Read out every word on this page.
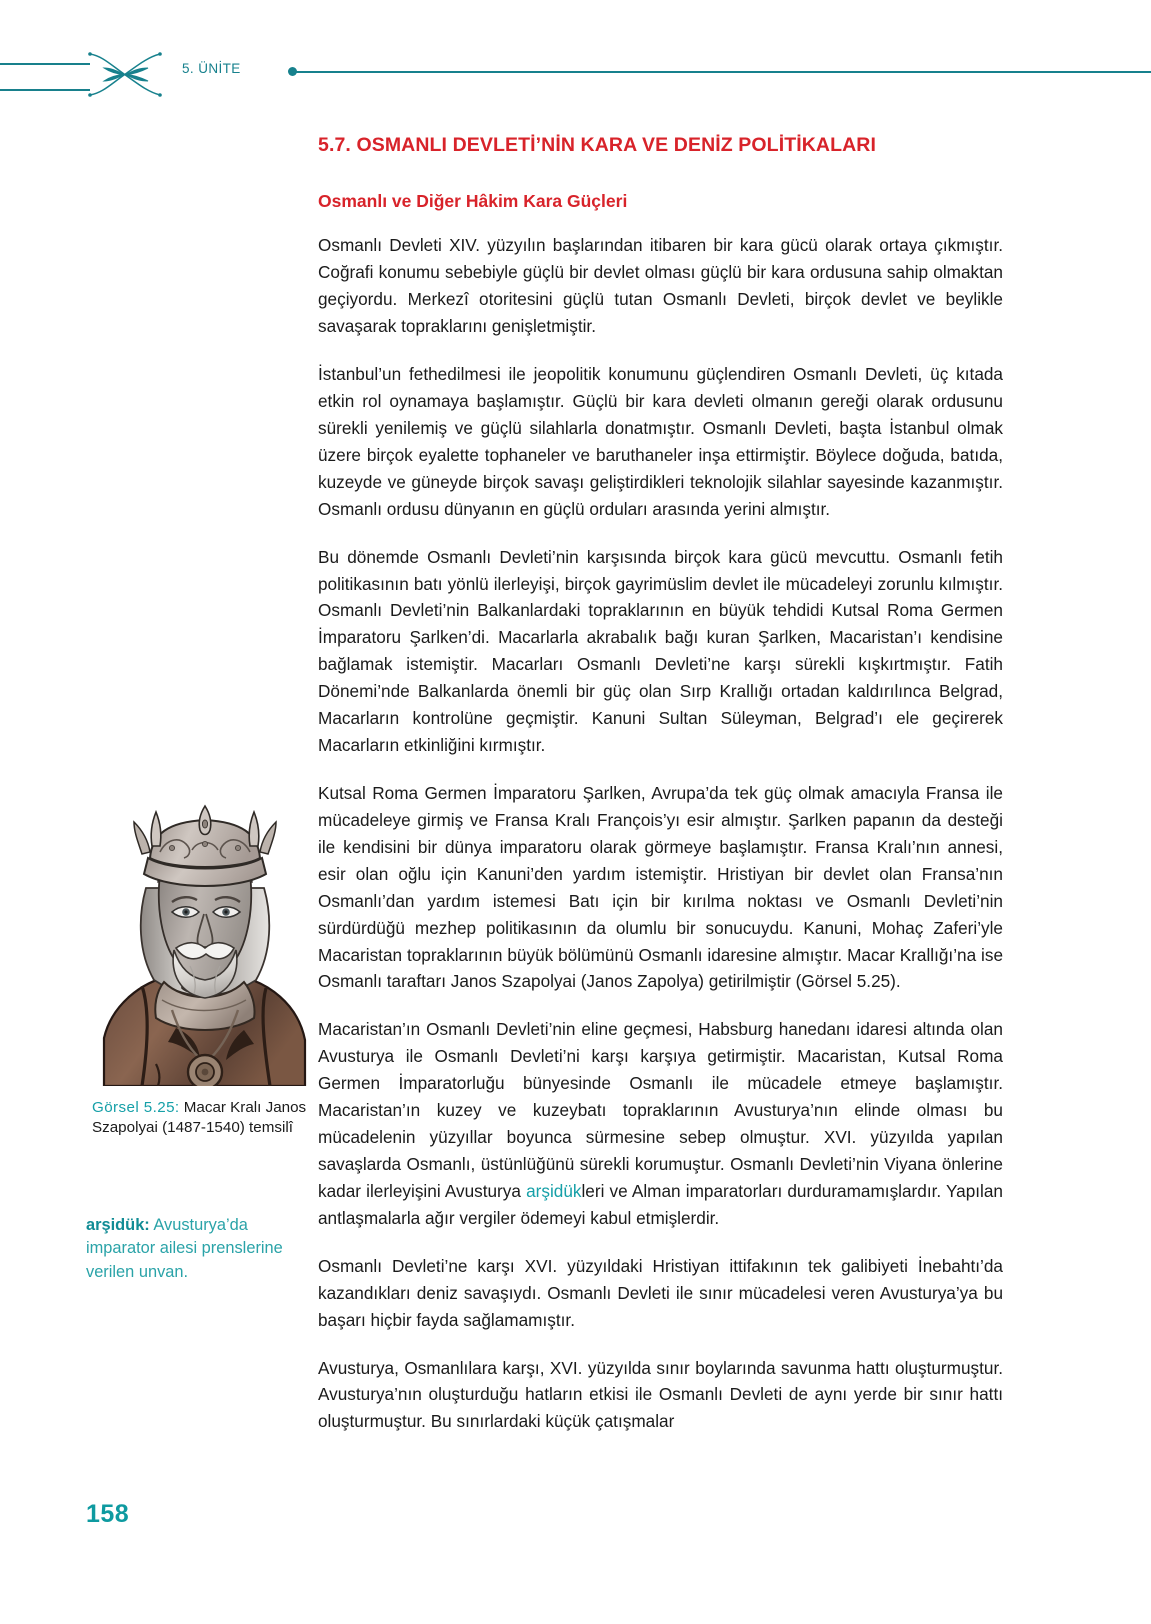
5. ÜNİTE
5.7. OSMANLI DEVLETİ’NİN KARA VE DENİZ POLİTİKALARI
Osmanlı ve Diğer Hâkim Kara Güçleri

Osmanlı Devleti XIV. yüzyılın başlarından itibaren bir kara gücü olarak ortaya çıkmıştır. Coğrafi konumu sebebiyle güçlü bir devlet olması güçlü bir kara ordusuna sahip olmaktan geçiyordu. Merkezî otoritesini güçlü tutan Osmanlı Devleti, birçok devlet ve beylikle savaşarak topraklarını genişletmiştir.

İstanbul’un fethedilmesi ile jeopolitik konumunu güçlendiren Osmanlı Devleti, üç kıtada etkin rol oynamaya başlamıştır. Güçlü bir kara devleti olmanın gereği olarak ordusunu sürekli yenilemiş ve güçlü silahlarla donatmıştır. Osmanlı Devleti, başta İstanbul olmak üzere birçok eyalette tophaneler ve baruthaneler inşa ettirmiştir. Böylece doğuda, batıda, kuzeyde ve güneyde birçok savaşı geliştirdikleri teknolojik silahlar sayesinde kazanmıştır. Osmanlı ordusu dünyanın en güçlü orduları arasında yerini almıştır.

Bu dönemde Osmanlı Devleti’nin karşısında birçok kara gücü mevcuttu. Osmanlı fetih politikasının batı yönlü ilerleyişi, birçok gayrimüslim devlet ile mücadeleyi zorunlu kılmıştır. Osmanlı Devleti’nin Balkanlardaki topraklarının en büyük tehdidi Kutsal Roma Germen İmparatoru Şarlken’di. Macarlarla akrabalık bağı kuran Şarlken, Macaristan’ı kendisine bağlamak istemiştir. Macarları Osmanlı Devleti’ne karşı sürekli kışkırtmıştır. Fatih Dönemi’nde Balkanlarda önemli bir güç olan Sırp Krallığı ortadan kaldırılınca Belgrad, Macarların kontrolüne geçmiştir. Kanuni Sultan Süleyman, Belgrad’ı ele geçirerek Macarların etkinliğini kırmıştır.

Kutsal Roma Germen İmparatoru Şarlken, Avrupa’da tek güç olmak amacıyla Fransa ile mücadeleye girmiş ve Fransa Kralı François’yı esir almıştır. Şarlken papanın da desteği ile kendisini bir dünya imparatoru olarak görmeye başlamıştır. Fransa Kralı’nın annesi, esir olan oğlu için Kanuni’den yardım istemiştir. Hristiyan bir devlet olan Fransa’nın Osmanlı’dan yardım istemesi Batı için bir kırılma noktası ve Osmanlı Devleti’nin sürdürdüğü mezhep politikasının da olumlu bir sonucuydu. Kanuni, Mohaç Zaferi’yle Macaristan topraklarının büyük bölümünü Osmanlı idaresine almıştır. Macar Krallığı’na ise Osmanlı taraftarı Janos Szapolyai (Janos Zapolya) getirilmiştir (Görsel 5.25).

Macaristan’ın Osmanlı Devleti’nin eline geçmesi, Habsburg hanedanı idaresi altında olan Avusturya ile Osmanlı Devleti’ni karşı karşıya getirmiştir. Macaristan, Kutsal Roma Germen İmparatorluğu bünyesinde Osmanlı ile mücadele etmeye başlamıştır. Macaristan’ın kuzey ve kuzeybatı topraklarının Avusturya’nın elinde olması bu mücadelenin yüzyıllar boyunca sürmesine sebep olmuştur. XVI. yüzyılda yapılan savaşlarda Osmanlı, üstünlüğünü sürekli korumuştur. Osmanlı Devleti’nin Viyana önlerine kadar ilerleyişini Avusturya arşidükleri ve Alman imparatorları durduramamışlardır. Yapılan antlaşmalarla ağır vergiler ödemeyi kabul etmişlerdir.

Osmanlı Devleti’ne karşı XVI. yüzyıldaki Hristiyan ittifakının tek galibiyeti İnebahtı’da kazandıkları deniz savaşıydı. Osmanlı Devleti ile sınır mücadelesi veren Avusturya’ya bu başarı hiçbir fayda sağlamamıştır.

Avusturya, Osmanlılara karşı, XVI. yüzyılda sınır boylarında savunma hattı oluşturmuştur. Avusturya’nın oluşturduğu hatların etkisi ile Osmanlı Devleti de aynı yerde bir sınır hattı oluşturmuştur. Bu sınırlardaki küçük çatışmalar

Görsel 5.25: Macar Kralı Janos Szapolyai (1487-1540) temsilî
arşidük: Avusturya’da imparator ailesi prenslerine verilen unvan.
158
